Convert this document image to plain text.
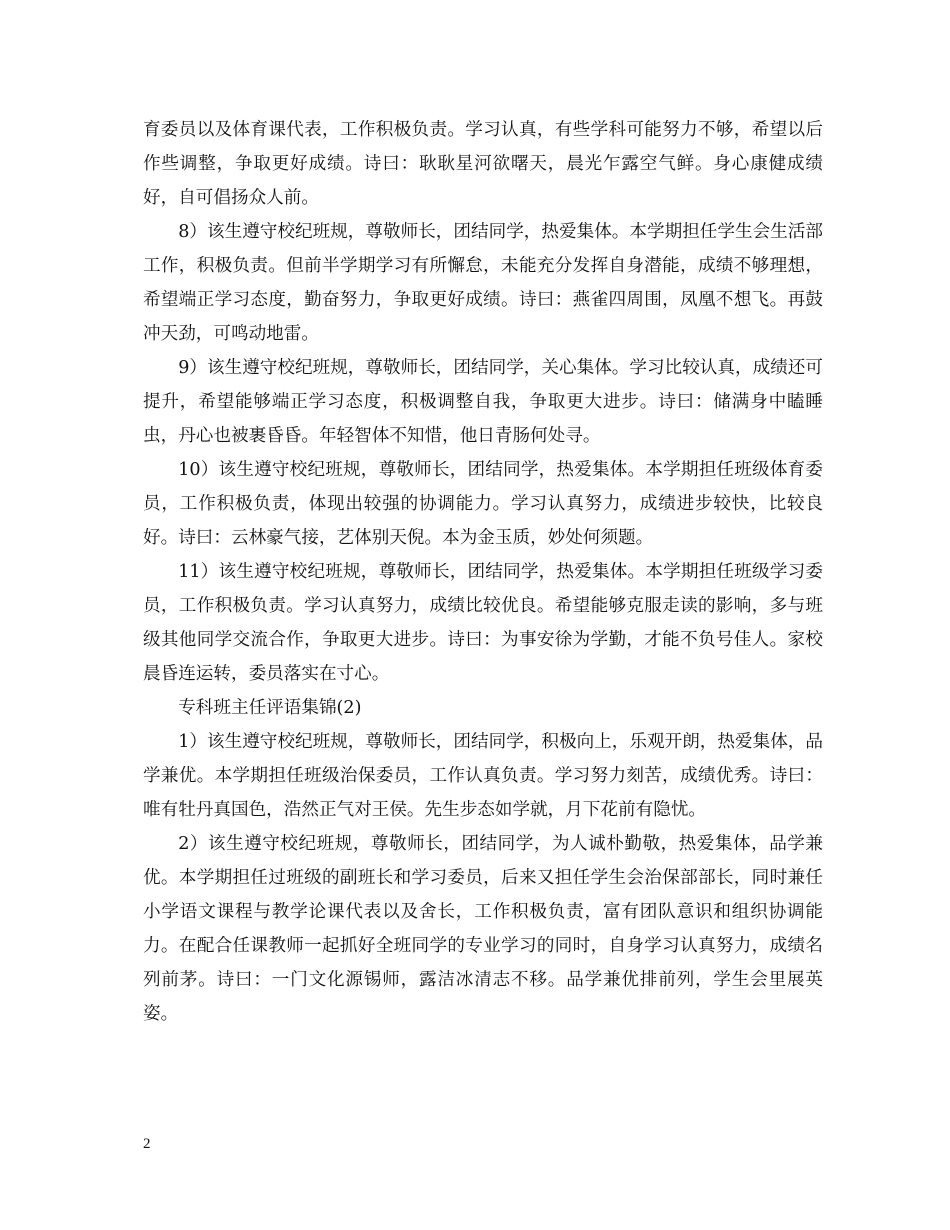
育委员以及体育课代表，工作积极负责。学习认真，有些学科可能努力不够，希望以后作些调整，争取更好成绩。诗曰：耿耿星河欲曙天，晨光乍露空气鲜。身心康健成绩好，自可倡扬众人前。

8）该生遵守校纪班规，尊敬师长，团结同学，热爱集体。本学期担任学生会生活部工作，积极负责。但前半学期学习有所懈怠，未能充分发挥自身潜能，成绩不够理想，希望端正学习态度，勤奋努力，争取更好成绩。诗曰：燕雀四周围，凤凰不想飞。再鼓冲天劲，可鸣动地雷。

9）该生遵守校纪班规，尊敬师长，团结同学，关心集体。学习比较认真，成绩还可提升，希望能够端正学习态度，积极调整自我，争取更大进步。诗曰：储满身中瞌睡虫，丹心也被裹昏昏。年轻智体不知惜，他日青肠何处寻。

10）该生遵守校纪班规，尊敬师长，团结同学，热爱集体。本学期担任班级体育委员，工作积极负责，体现出较强的协调能力。学习认真努力，成绩进步较快，比较良好。诗曰：云林豪气接，艺体别天倪。本为金玉质，妙处何须题。

11）该生遵守校纪班规，尊敬师长，团结同学，热爱集体。本学期担任班级学习委员，工作积极负责。学习认真努力，成绩比较优良。希望能够克服走读的影响，多与班级其他同学交流合作，争取更大进步。诗曰：为事安徐为学勤，才能不负号佳人。家校晨昏连运转，委员落实在寸心。

专科班主任评语集锦(2)

1）该生遵守校纪班规，尊敬师长，团结同学，积极向上，乐观开朗，热爱集体，品学兼优。本学期担任班级治保委员，工作认真负责。学习努力刻苦，成绩优秀。诗曰：唯有牡丹真国色，浩然正气对王侯。先生步态如学就，月下花前有隐忧。

2）该生遵守校纪班规，尊敬师长，团结同学，为人诚朴勤敬，热爱集体，品学兼优。本学期担任过班级的副班长和学习委员，后来又担任学生会治保部部长，同时兼任小学语文课程与教学论课代表以及舍长，工作积极负责，富有团队意识和组织协调能力。在配合任课教师一起抓好全班同学的专业学习的同时，自身学习认真努力，成绩名列前茅。诗曰：一门文化源锡师，露洁冰清志不移。品学兼优排前列，学生会里展英姿。

2
